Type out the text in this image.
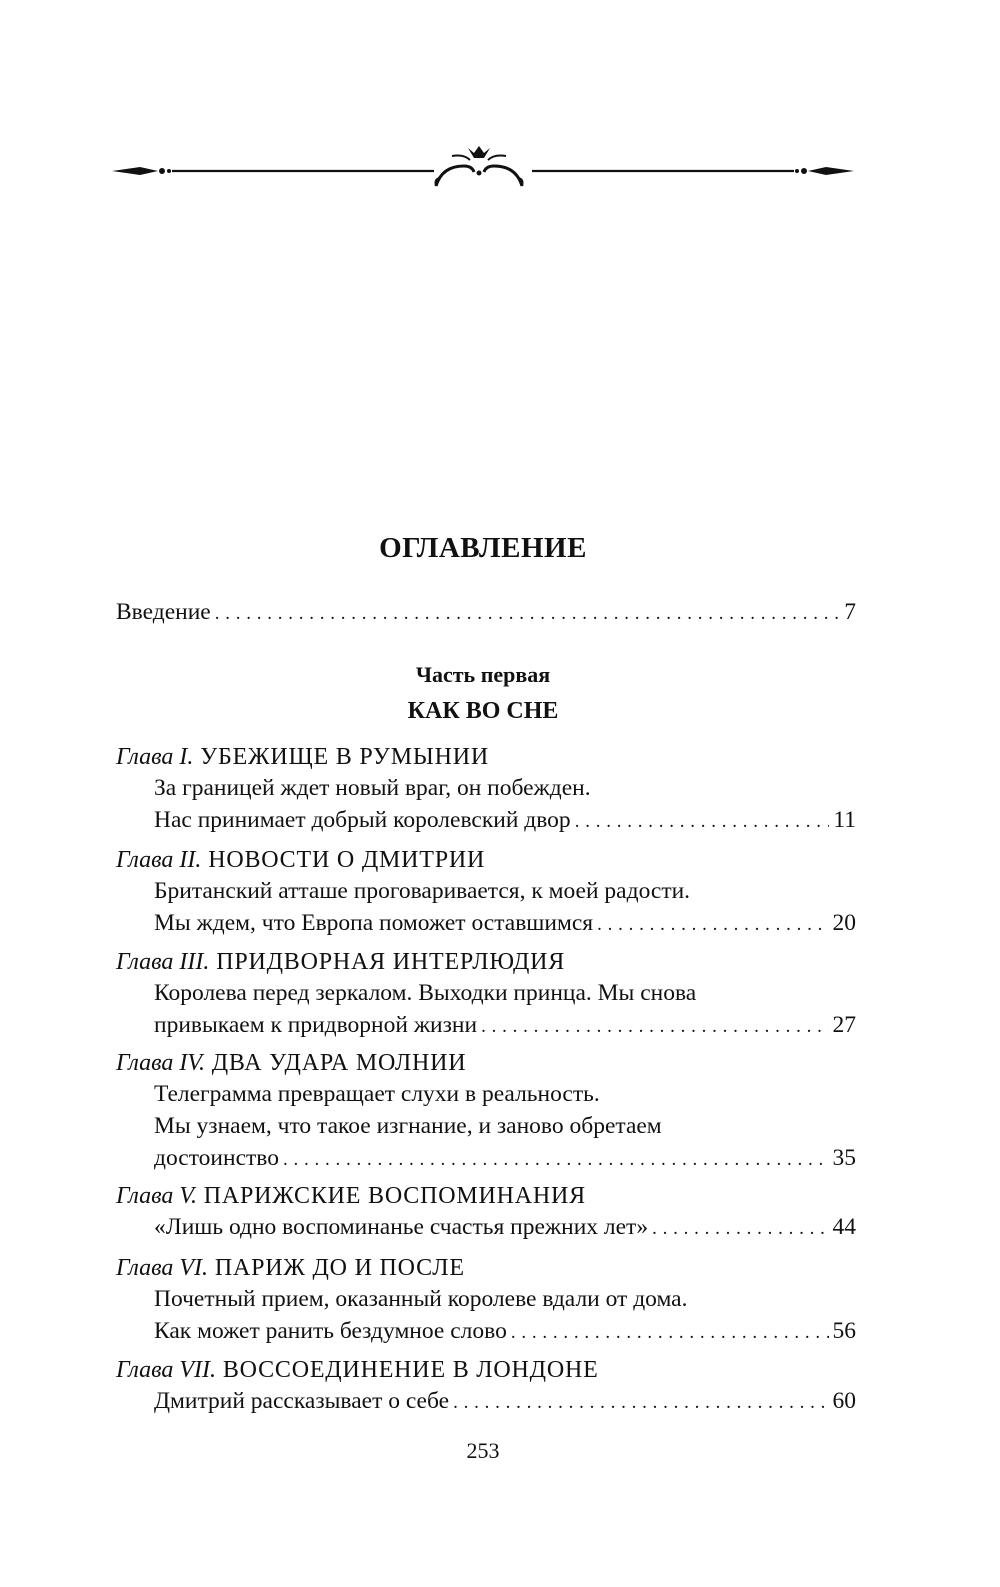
ОГЛАВЛЕНИЕ
Введение . . .	7
Часть первая
КАК ВО СНЕ
Глава I. УБЕЖИЩЕ В РУМЫНИИ
За границей ждет новый враг, он побежден.
Нас принимает добрый королевский двор . . .	11
Глава II. НОВОСТИ О ДМИТРИИ
Британский атташе проговаривается, к моей радости.
Мы ждем, что Европа поможет оставшимся . . .	20
Глава III. ПРИДВОРНАЯ ИНТЕРЛЮДИЯ
Королева перед зеркалом. Выходки принца. Мы снова
привыкаем к придворной жизни . . .	27
Глава IV. ДВА УДАРА МОЛНИИ
Телеграмма превращает слухи в реальность.
Мы узнаем, что такое изгнание, и заново обретаем
достоинство . . .	35
Глава V. ПАРИЖСКИЕ ВОСПОМИНАНИЯ
«Лишь одно воспоминанье счастья прежних лет» . . .	44
Глава VI. ПАРИЖ ДО И ПОСЛЕ
Почетный прием, оказанный королеве вдали от дома.
Как может ранить бездумное слово . . .	56
Глава VII. ВОССОЕДИНЕНИЕ В ЛОНДОНЕ
Дмитрий рассказывает о себе . . .	60
253
